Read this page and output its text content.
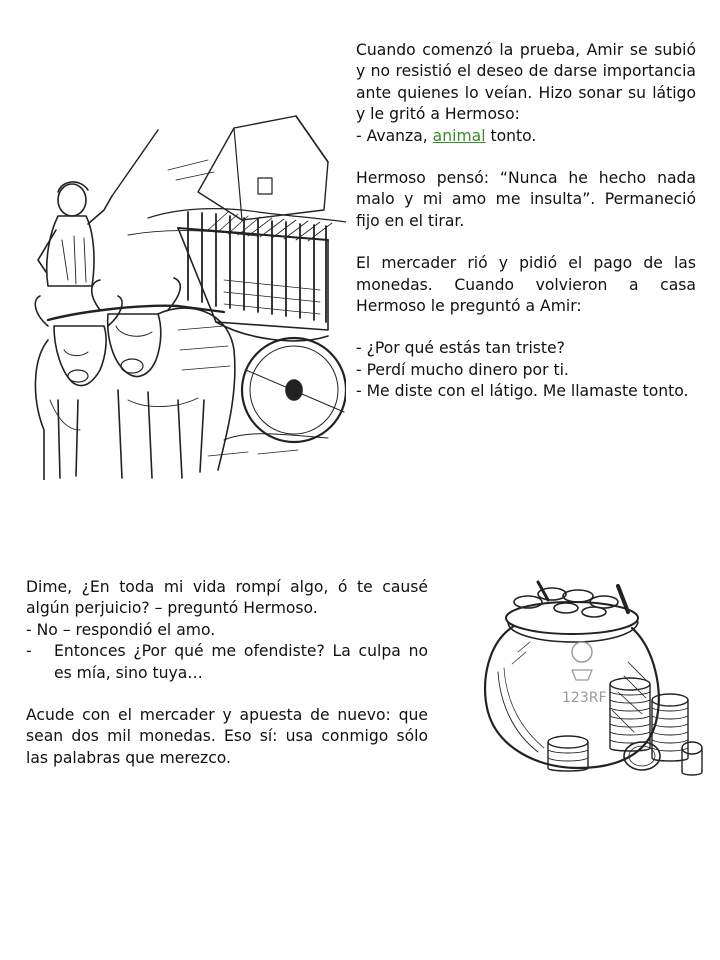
Cuando comenzó la prueba, Amir se subió y no resistió el deseo de darse importancia ante quienes lo veían. Hizo sonar su látigo y le gritó a Hermoso:

- Avanza, animal tonto.

Hermoso pensó: “Nunca he hecho nada malo y mi amo me insulta”. Permaneció fijo en el tirar.

El mercader rió y pidió el pago de las monedas. Cuando volvieron a casa Hermoso le preguntó a Amir:

- ¿Por qué estás tan triste?

- Perdí mucho dinero por ti.

- Me diste con el látigo. Me llamaste tonto.

Dime, ¿En toda mi vida rompí algo, ó te causé algún perjuicio? – preguntó Hermoso.

- No – respondió el amo.

- Entonces ¿Por qué me ofendiste? La culpa no es mía, sino tuya…

Acude con el mercader y apuesta de nuevo: que sean dos mil monedas. Eso sí: usa conmigo sólo las palabras que merezco.

123RF
